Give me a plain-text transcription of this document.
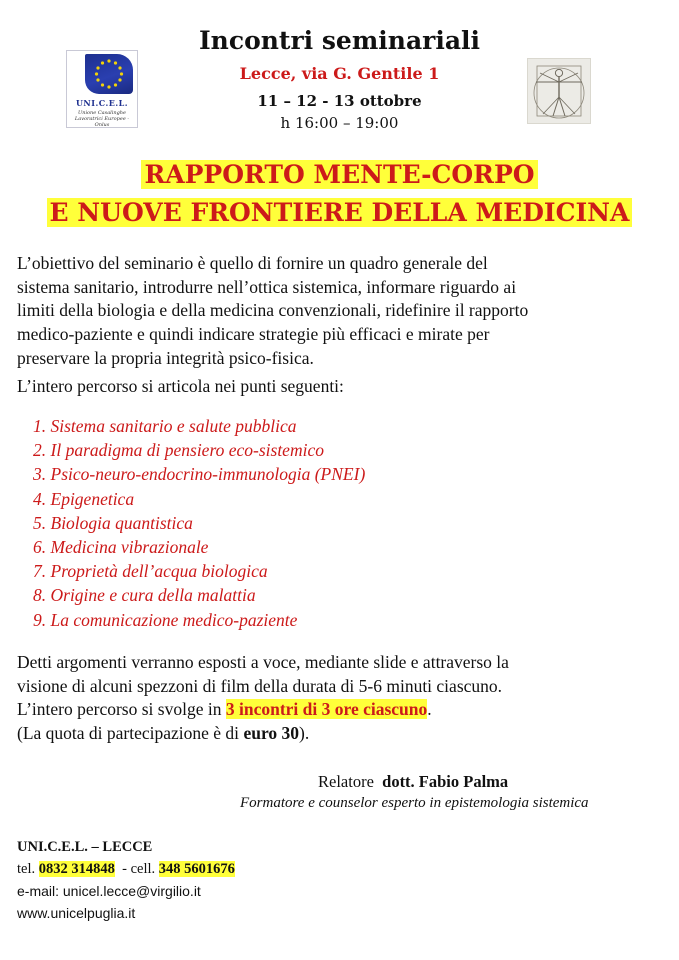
UNI.C.E.L.
Unione Casalinghe Lavoratrici Europee - Onlus
Incontri seminariali
Lecce, via G. Gentile 1
11 – 12 - 13 ottobre
h 16:00 – 19:00
RAPPORTO MENTE-CORPO
E NUOVE FRONTIERE DELLA MEDICINA
L’obiettivo del seminario è quello di fornire un quadro generale del
sistema sanitario, introdurre nell’ottica sistemica, informare riguardo ai
limiti della biologia e della medicina convenzionali, ridefinire il rapporto
medico-paziente e quindi indicare strategie più efficaci e mirate per
preservare la propria integrità psico-fisica.
L’intero percorso si articola nei punti seguenti:
1. Sistema sanitario e salute pubblica
2. Il paradigma di pensiero eco-sistemico
3. Psico-neuro-endocrino-immunologia (PNEI)
4. Epigenetica
5. Biologia quantistica
6. Medicina vibrazionale
7. Proprietà dell’acqua biologica
8. Origine e cura della malattia
9. La comunicazione medico-paziente
Detti argomenti verranno esposti a voce, mediante slide e attraverso la
visione di alcuni spezzoni di film della durata di 5-6 minuti ciascuno.
L’intero percorso si svolge in 3 incontri di 3 ore ciascuno.
(La quota di partecipazione è di euro 30).
Relatore dott. Fabio Palma
Formatore e counselor esperto in epistemologia sistemica
UNI.C.E.L. – LECCE
tel. 0832 314848 - cell. 348 5601676
e-mail: unicel.lecce@virgilio.it
www.unicelpuglia.it
